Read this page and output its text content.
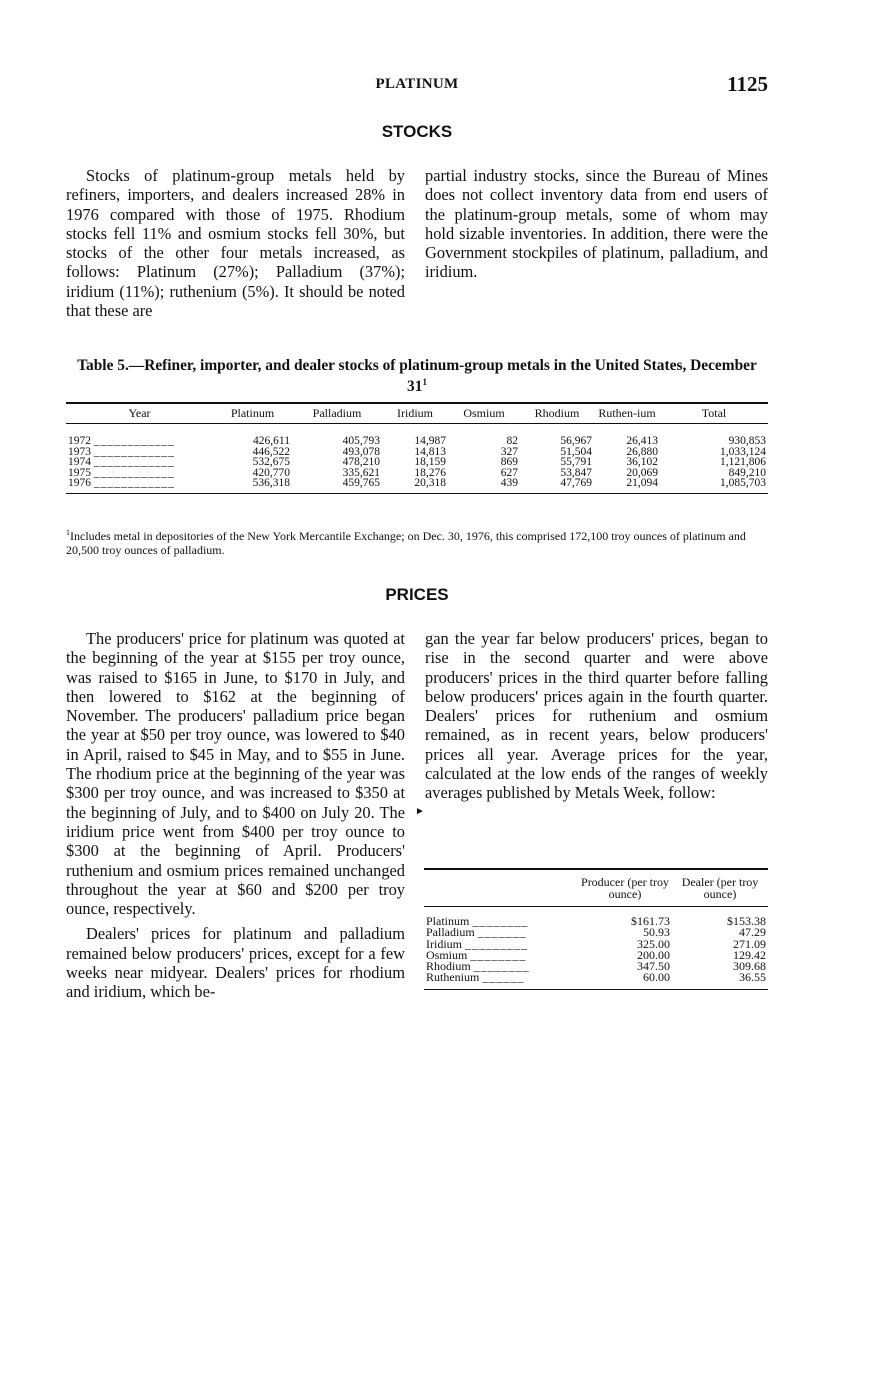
PLATINUM	1125
STOCKS

Stocks of platinum-group metals held by refiners, importers, and dealers increased 28% in 1976 compared with those of 1975. Rhodium stocks fell 11% and osmium stocks fell 30%, but stocks of the other four metals increased, as follows: Platinum (27%); Palladium (37%); iridium (11%); ruthenium (5%). It should be noted that these are

partial industry stocks, since the Bureau of Mines does not collect inventory data from end users of the platinum-group metals, some of whom may hold sizable inventories. In addition, there were the Government stockpiles of platinum, palladium, and iridium.

Table 5.—Refiner, importer, and dealer stocks of platinum-group metals in the United States, December $31^1$
Year	Platinum	Palladium	Iridium	Osmium	Rhodium	Ruthen-ium	Total
1972 ____________	426,611	405,793	14,987	82	56,967	26,413	930,853
1973 ____________	446,522	493,078	14,813	327	51,504	26,880	1,033,124
1974 ____________	532,675	478,210	18,159	869	55,791	36,102	1,121,806
1975 ____________	420,770	335,621	18,276	627	53,847	20,069	849,210
1976 ____________	536,318	459,765	20,318	439	47,769	21,094	1,085,703
$^1$Includes metal in depositories of the New York Mercantile Exchange; on Dec. 30, 1976, this comprised 172,100 troy ounces of platinum and 20,500 troy ounces of palladium.
PRICES

The producers' price for platinum was quoted at the beginning of the year at $155 per troy ounce, was raised to $165 in June, to $170 in July, and then lowered to $162 at the beginning of November. The producers' palladium price began the year at $50 per troy ounce, was lowered to $40 in April, raised to $45 in May, and to $55 in June. The rhodium price at the beginning of the year was $300 per troy ounce, and was increased to $350 at the beginning of July, and to $400 on July 20. The iridium price went from $400 per troy ounce to $300 at the beginning of April. Producers' ruthenium and osmium prices remained unchanged throughout the year at $60 and $200 per troy ounce, respectively.

Dealers' prices for platinum and palladium remained below producers' prices, except for a few weeks near midyear. Dealers' prices for rhodium and iridium, which be-

gan the year far below producers' prices, began to rise in the second quarter and were above producers' prices in the third quarter before falling below producers' prices again in the fourth quarter. Dealers' prices for ruthenium and osmium remained, as in recent years, below producers' prices all year. Average prices for the year, calculated at the low ends of the ranges of weekly averages published by Metals Week, follow:

►
	Producer (per troy ounce)	Dealer (per troy ounce)
Platinum ________	$161.73	$153.38
Palladium _______	50.93	47.29
Iridium _________	325.00	271.09
Osmium ________	200.00	129.42
Rhodium ________	347.50	309.68
Ruthenium ______	60.00	36.55
